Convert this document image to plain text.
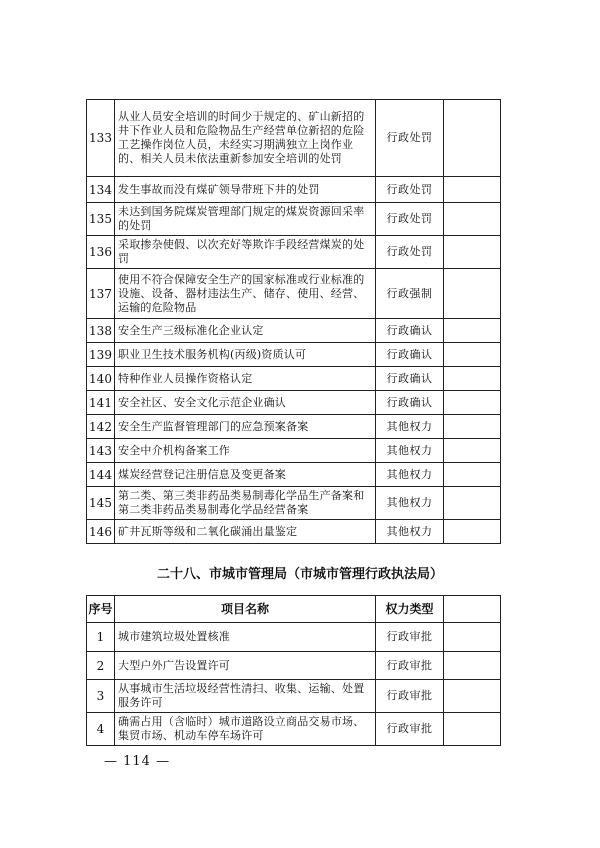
133	从业人员安全培训的时间少于规定的、矿山新招的井下作业人员和危险物品生产经营单位新招的危险工艺操作岗位人员，未经实习期满独立上岗作业的、相关人员未依法重新参加安全培训的处罚	行政处罚	
134	发生事故而没有煤矿领导带班下井的处罚	行政处罚	
135	未达到国务院煤炭管理部门规定的煤炭资源回采率的处罚	行政处罚	
136	采取掺杂使假、以次充好等欺诈手段经营煤炭的处罚	行政处罚	
137	使用不符合保障安全生产的国家标准或行业标准的设施、设备、器材违法生产、储存、使用、经营、运输的危险物品	行政强制	
138	安全生产三级标准化企业认定	行政确认	
139	职业卫生技术服务机构(丙级)资质认可	行政确认	
140	特种作业人员操作资格认定	行政确认	
141	安全社区、安全文化示范企业确认	行政确认	
142	安全生产监督管理部门的应急预案备案	其他权力	
143	安全中介机构备案工作	其他权力	
144	煤炭经营登记注册信息及变更备案	其他权力	
145	第二类、第三类非药品类易制毒化学品生产备案和第二类非药品类易制毒化学品经营备案	其他权力	
146	矿井瓦斯等级和二氧化碳涌出量鉴定	其他权力	
二十八、市城市管理局（市城市管理行政执法局）
序号	项目名称	权力类型	
1	城市建筑垃圾处置核准	行政审批	
2	大型户外广告设置许可	行政审批	
3	从事城市生活垃圾经营性清扫、收集、运输、处置服务许可	行政审批	
4	确需占用（含临时）城市道路设立商品交易市场、集贸市场、机动车停车场许可	行政审批	
— 114 —
